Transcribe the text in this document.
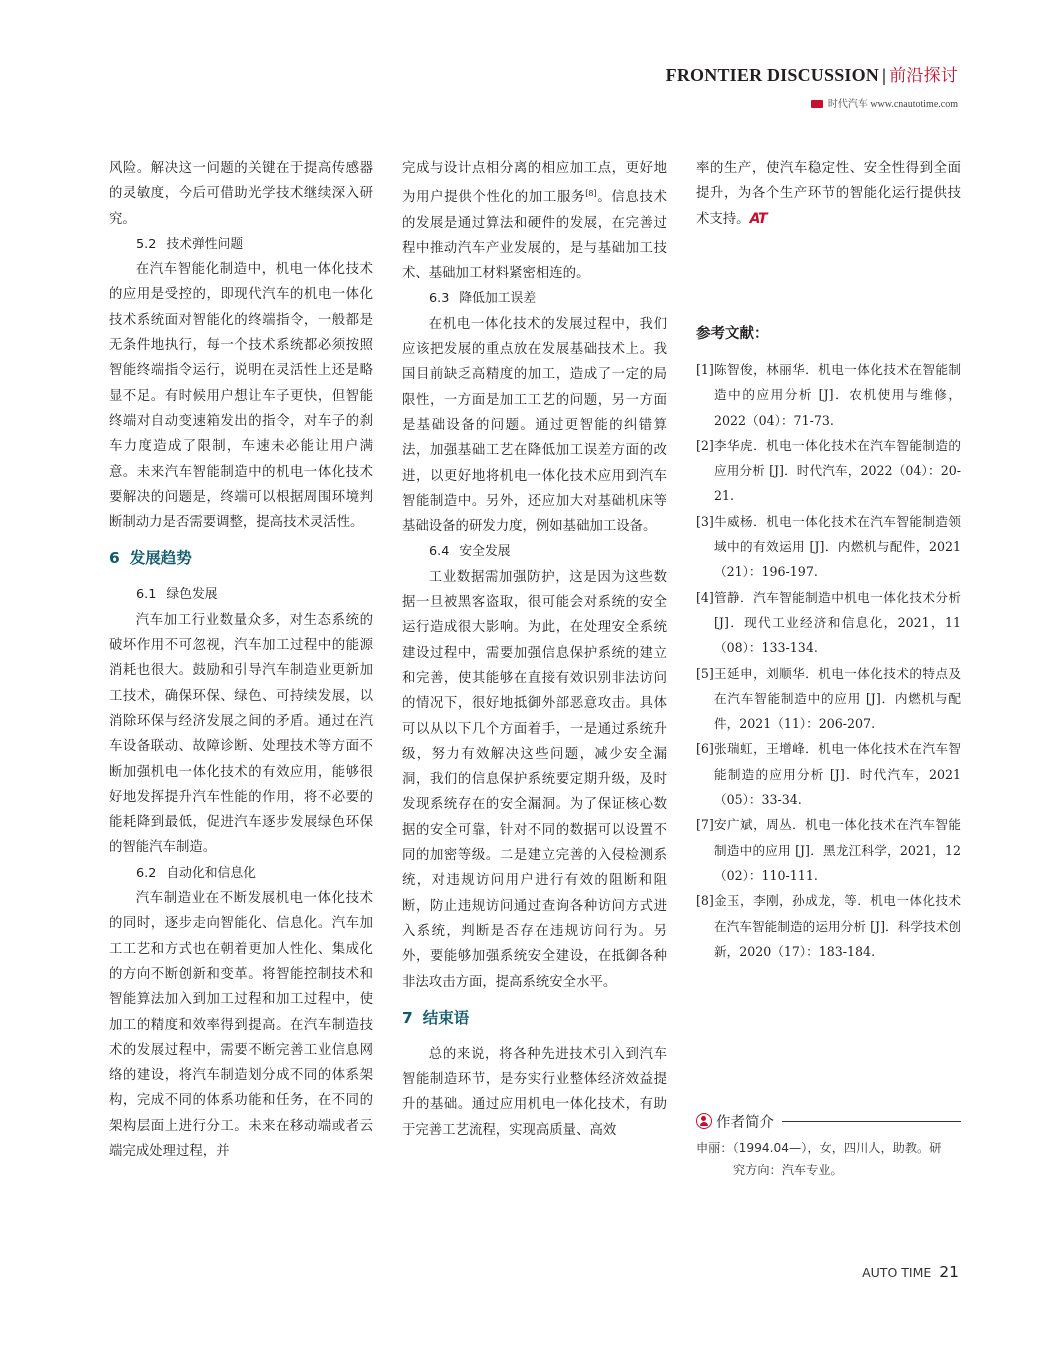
FRONTIER DISCUSSION | 前沿探讨
时代汽车 www.cnautotime.com

风险。解决这一问题的关键在于提高传感器的灵敏度，今后可借助光学技术继续深入研究。

5.2 技术弹性问题

在汽车智能化制造中，机电一体化技术的应用是受控的，即现代汽车的机电一体化技术系统面对智能化的终端指令，一般都是无条件地执行，每一个技术系统都必须按照智能终端指令运行，说明在灵活性上还是略显不足。有时候用户想让车子更快，但智能终端对自动变速箱发出的指令，对车子的刹车力度造成了限制，车速未必能让用户满意。未来汽车智能制造中的机电一体化技术要解决的问题是，终端可以根据周围环境判断制动力是否需要调整，提高技术灵活性。

6 发展趋势

6.1 绿色发展

汽车加工行业数量众多，对生态系统的破坏作用不可忽视，汽车加工过程中的能源消耗也很大。鼓励和引导汽车制造业更新加工技术，确保环保、绿色、可持续发展，以消除环保与经济发展之间的矛盾。通过在汽车设备联动、故障诊断、处理技术等方面不断加强机电一体化技术的有效应用，能够很好地发挥提升汽车性能的作用，将不必要的能耗降到最低，促进汽车逐步发展绿色环保的智能汽车制造。

6.2 自动化和信息化

汽车制造业在不断发展机电一体化技术的同时，逐步走向智能化、信息化。汽车加工工艺和方式也在朝着更加人性化、集成化的方向不断创新和变革。将智能控制技术和智能算法加入到加工过程和加工过程中，使加工的精度和效率得到提高。在汽车制造技术的发展过程中，需要不断完善工业信息网络的建设，将汽车制造划分成不同的体系架构，完成不同的体系功能和任务，在不同的架构层面上进行分工。未来在移动端或者云端完成处理过程，并

完成与设计点相分离的相应加工点，更好地为用户提供个性化的加工服务[8]。信息技术的发展是通过算法和硬件的发展，在完善过程中推动汽车产业发展的，是与基础加工技术、基础加工材料紧密相连的。

6.3 降低加工误差

在机电一体化技术的发展过程中，我们应该把发展的重点放在发展基础技术上。我国目前缺乏高精度的加工，造成了一定的局限性，一方面是加工工艺的问题，另一方面是基础设备的问题。通过更智能的纠错算法，加强基础工艺在降低加工误差方面的改进，以更好地将机电一体化技术应用到汽车智能制造中。另外，还应加大对基础机床等基础设备的研发力度，例如基础加工设备。

6.4 安全发展

工业数据需加强防护，这是因为这些数据一旦被黑客盗取，很可能会对系统的安全运行造成很大影响。为此，在处理安全系统建设过程中，需要加强信息保护系统的建立和完善，使其能够在直接有效识别非法访问的情况下，很好地抵御外部恶意攻击。具体可以从以下几个方面着手，一是通过系统升级，努力有效解决这些问题，减少安全漏洞，我们的信息保护系统要定期升级，及时发现系统存在的安全漏洞。为了保证核心数据的安全可靠，针对不同的数据可以设置不同的加密等级。二是建立完善的入侵检测系统，对违规访问用户进行有效的阻断和阻断，防止违规访问通过查询各种访问方式进入系统，判断是否存在违规访问行为。另外，要能够加强系统安全建设，在抵御各种非法攻击方面，提高系统安全水平。

7 结束语

总的来说，将各种先进技术引入到汽车智能制造环节，是夯实行业整体经济效益提升的基础。通过应用机电一体化技术，有助于完善工艺流程，实现高质量、高效

率的生产，使汽车稳定性、安全性得到全面提升，为各个生产环节的智能化运行提供技术支持。AT

参考文献：
[1] 陈智俊，林丽华．机电一体化技术在智能制造中的应用分析 [J]．农机使用与维修，2022（04）：71-73.
[2] 李华虎．机电一体化技术在汽车智能制造的应用分析 [J]．时代汽车，2022（04）：20-21.
[3] 牛威杨．机电一体化技术在汽车智能制造领域中的有效运用 [J]．内燃机与配件，2021（21）：196-197.
[4] 管静．汽车智能制造中机电一体化技术分析 [J]．现代工业经济和信息化，2021，11（08）：133-134.
[5] 王延申，刘顺华．机电一体化技术的特点及在汽车智能制造中的应用 [J]．内燃机与配件，2021（11）：206-207.
[6] 张瑞虹，王增峰．机电一体化技术在汽车智能制造的应用分析 [J]．时代汽车，2021（05）：33-34.
[7] 安广斌，周丛．机电一体化技术在汽车智能制造中的应用 [J]．黑龙江科学，2021，12（02）：110-111.
[8] 金玉，李刚，孙成龙，等．机电一体化技术在汽车智能制造的运用分析 [J]．科学技术创新，2020（17）：183-184.
作者简介
申丽：（1994.04—），女，四川人，助教。研
究方向：汽车专业。
AUTO TIME 21
